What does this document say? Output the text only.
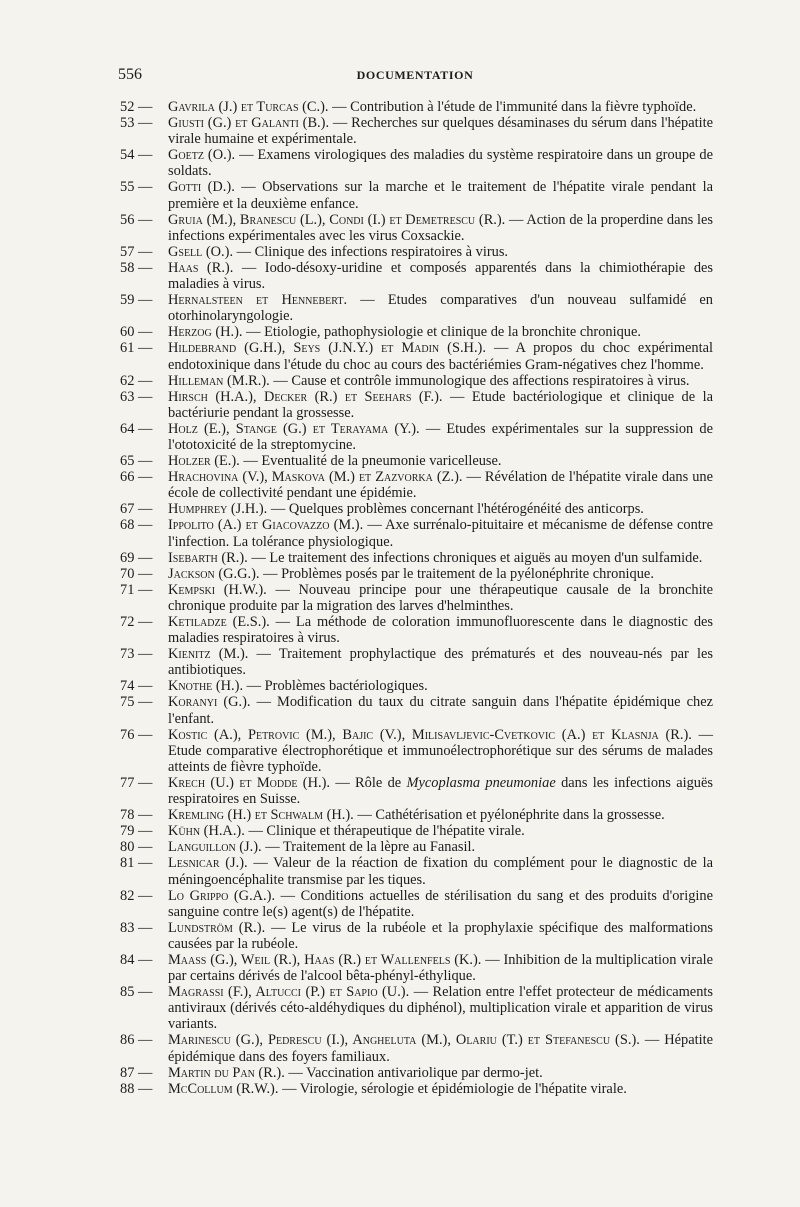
556	DOCUMENTATION
52 — Gavrila (J.) et Turcas (C.). — Contribution à l'étude de l'immunité dans la fièvre typhoïde.
53 — Giusti (G.) et Galanti (B.). — Recherches sur quelques désaminases du sérum dans l'hépatite virale humaine et expérimentale.
54 — Goetz (O.). — Examens virologiques des maladies du système respiratoire dans un groupe de soldats.
55 — Gotti (D.). — Observations sur la marche et le traitement de l'hépatite virale pendant la première et la deuxième enfance.
56 — Gruia (M.), Branescu (L.), Condi (I.) et Demetrescu (R.). — Action de la properdine dans les infections expérimentales avec les virus Coxsackie.
57 — Gsell (O.). — Clinique des infections respiratoires à virus.
58 — Haas (R.). — Iodo-désoxy-uridine et composés apparentés dans la chimiothérapie des maladies à virus.
59 — Hernalsteen et Hennebert. — Etudes comparatives d'un nouveau sulfamidé en otorhinolaryngologie.
60 — Herzog (H.). — Etiologie, pathophysiologie et clinique de la bronchite chronique.
61 — Hildebrand (G.H.), Seys (J.N.Y.) et Madin (S.H.). — A propos du choc expérimental endotoxinique dans l'étude du choc au cours des bactériémies Gram-négatives chez l'homme.
62 — Hilleman (M.R.). — Cause et contrôle immunologique des affections respiratoires à virus.
63 — Hirsch (H.A.), Decker (R.) et Seehars (F.). — Etude bactériologique et clinique de la bactériurie pendant la grossesse.
64 — Holz (E.), Stange (G.) et Terayama (Y.). — Etudes expérimentales sur la suppression de l'ototoxicité de la streptomycine.
65 — Holzer (E.). — Eventualité de la pneumonie varicelleuse.
66 — Hrachovina (V.), Maskova (M.) et Zazvorka (Z.). — Révélation de l'hépatite virale dans une école de collectivité pendant une épidémie.
67 — Humphrey (J.H.). — Quelques problèmes concernant l'hétérogénéité des anticorps.
68 — Ippolito (A.) et Giacovazzo (M.). — Axe surrénalo-pituitaire et mécanisme de défense contre l'infection. La tolérance physiologique.
69 — Isebarth (R.). — Le traitement des infections chroniques et aiguës au moyen d'un sulfamide.
70 — Jackson (G.G.). — Problèmes posés par le traitement de la pyélonéphrite chronique.
71 — Kempski (H.W.). — Nouveau principe pour une thérapeutique causale de la bronchite chronique produite par la migration des larves d'helminthes.
72 — Ketiladze (E.S.). — La méthode de coloration immunofluorescente dans le diagnostic des maladies respiratoires à virus.
73 — Kienitz (M.). — Traitement prophylactique des prématurés et des nouveau-nés par les antibiotiques.
74 — Knothe (H.). — Problèmes bactériologiques.
75 — Koranyi (G.). — Modification du taux du citrate sanguin dans l'hépatite épidémique chez l'enfant.
76 — Kostic (A.), Petrovic (M.), Bajic (V.), Milisavljevic-Cvetkovic (A.) et Klasnja (R.). — Etude comparative électrophorétique et immunoélectrophorétique sur des sérums de malades atteints de fièvre typhoïde.
77 — Krech (U.) et Modde (H.). — Rôle de Mycoplasma pneumoniae dans les infections aiguës respiratoires en Suisse.
78 — Kremling (H.) et Schwalm (H.). — Cathétérisation et pyélonéphrite dans la grossesse.
79 — Kühn (H.A.). — Clinique et thérapeutique de l'hépatite virale.
80 — Languillon (J.). — Traitement de la lèpre au Fanasil.
81 — Lesnicar (J.). — Valeur de la réaction de fixation du complément pour le diagnostic de la méningoencéphalite transmise par les tiques.
82 — Lo Grippo (G.A.). — Conditions actuelles de stérilisation du sang et des produits d'origine sanguine contre le(s) agent(s) de l'hépatite.
83 — Lundström (R.). — Le virus de la rubéole et la prophylaxie spécifique des malformations causées par la rubéole.
84 — Maass (G.), Weil (R.), Haas (R.) et Wallenfels (K.). — Inhibition de la multiplication virale par certains dérivés de l'alcool bêta-phényl-éthylique.
85 — Magrassi (F.), Altucci (P.) et Sapio (U.). — Relation entre l'effet protecteur de médicaments antiviraux (dérivés céto-aldéhydiques du diphénol), multiplication virale et apparition de virus variants.
86 — Marinescu (G.), Pedrescu (I.), Angheluta (M.), Olariu (T.) et Stefanescu (S.). — Hépatite épidémique dans des foyers familiaux.
87 — Martin du Pan (R.). — Vaccination antivariolique par dermo-jet.
88 — McCollum (R.W.). — Virologie, sérologie et épidémiologie de l'hépatite virale.
